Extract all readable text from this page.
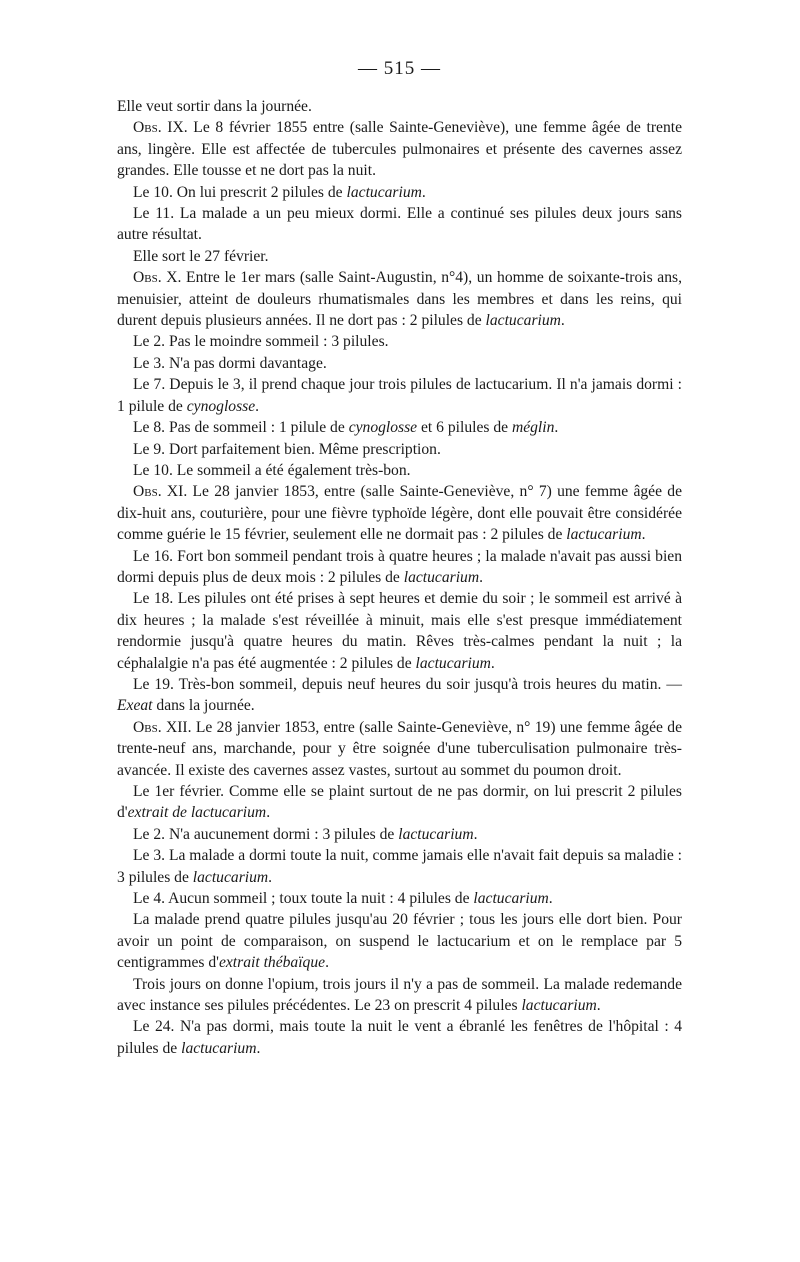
— 515 —

Elle veut sortir dans la journée.

Obs. IX. Le 8 février 1855 entre (salle Sainte-Geneviève), une femme âgée de trente ans, lingère. Elle est affectée de tubercules pulmonaires et présente des cavernes assez grandes. Elle tousse et ne dort pas la nuit.

Le 10. On lui prescrit 2 pilules de lactucarium.

Le 11. La malade a un peu mieux dormi. Elle a continué ses pilules deux jours sans autre résultat.

Elle sort le 27 février.

Obs. X. Entre le 1er mars (salle Saint-Augustin, n°4), un homme de soixante-trois ans, menuisier, atteint de douleurs rhumatismales dans les membres et dans les reins, qui durent depuis plusieurs années. Il ne dort pas : 2 pilules de lactucarium.

Le 2. Pas le moindre sommeil : 3 pilules.

Le 3. N'a pas dormi davantage.

Le 7. Depuis le 3, il prend chaque jour trois pilules de lactucarium. Il n'a jamais dormi : 1 pilule de cynoglosse.

Le 8. Pas de sommeil : 1 pilule de cynoglosse et 6 pilules de méglin.

Le 9. Dort parfaitement bien. Même prescription.

Le 10. Le sommeil a été également très-bon.

Obs. XI. Le 28 janvier 1853, entre (salle Sainte-Geneviève, n° 7) une femme âgée de dix-huit ans, couturière, pour une fièvre typhoïde légère, dont elle pouvait être considérée comme guérie le 15 février, seulement elle ne dormait pas : 2 pilules de lactucarium.

Le 16. Fort bon sommeil pendant trois à quatre heures ; la malade n'avait pas aussi bien dormi depuis plus de deux mois : 2 pilules de lactucarium.

Le 18. Les pilules ont été prises à sept heures et demie du soir ; le sommeil est arrivé à dix heures ; la malade s'est réveillée à minuit, mais elle s'est presque immédiatement rendormie jusqu'à quatre heures du matin. Rêves très-calmes pendant la nuit ; la céphalalgie n'a pas été augmentée : 2 pilules de lactucarium.

Le 19. Très-bon sommeil, depuis neuf heures du soir jusqu'à trois heures du matin. — Exeat dans la journée.

Obs. XII. Le 28 janvier 1853, entre (salle Sainte-Geneviève, n° 19) une femme âgée de trente-neuf ans, marchande, pour y être soignée d'une tuberculisation pulmonaire très-avancée. Il existe des cavernes assez vastes, surtout au sommet du poumon droit.

Le 1er février. Comme elle se plaint surtout de ne pas dormir, on lui prescrit 2 pilules d'extrait de lactucarium.

Le 2. N'a aucunement dormi : 3 pilules de lactucarium.

Le 3. La malade a dormi toute la nuit, comme jamais elle n'avait fait depuis sa maladie : 3 pilules de lactucarium.

Le 4. Aucun sommeil ; toux toute la nuit : 4 pilules de lactucarium.

La malade prend quatre pilules jusqu'au 20 février ; tous les jours elle dort bien. Pour avoir un point de comparaison, on suspend le lactucarium et on le remplace par 5 centigrammes d'extrait thébaïque.

Trois jours on donne l'opium, trois jours il n'y a pas de sommeil. La malade redemande avec instance ses pilules précédentes. Le 23 on prescrit 4 pilules lactucarium.

Le 24. N'a pas dormi, mais toute la nuit le vent a ébranlé les fenêtres de l'hôpital : 4 pilules de lactucarium.
